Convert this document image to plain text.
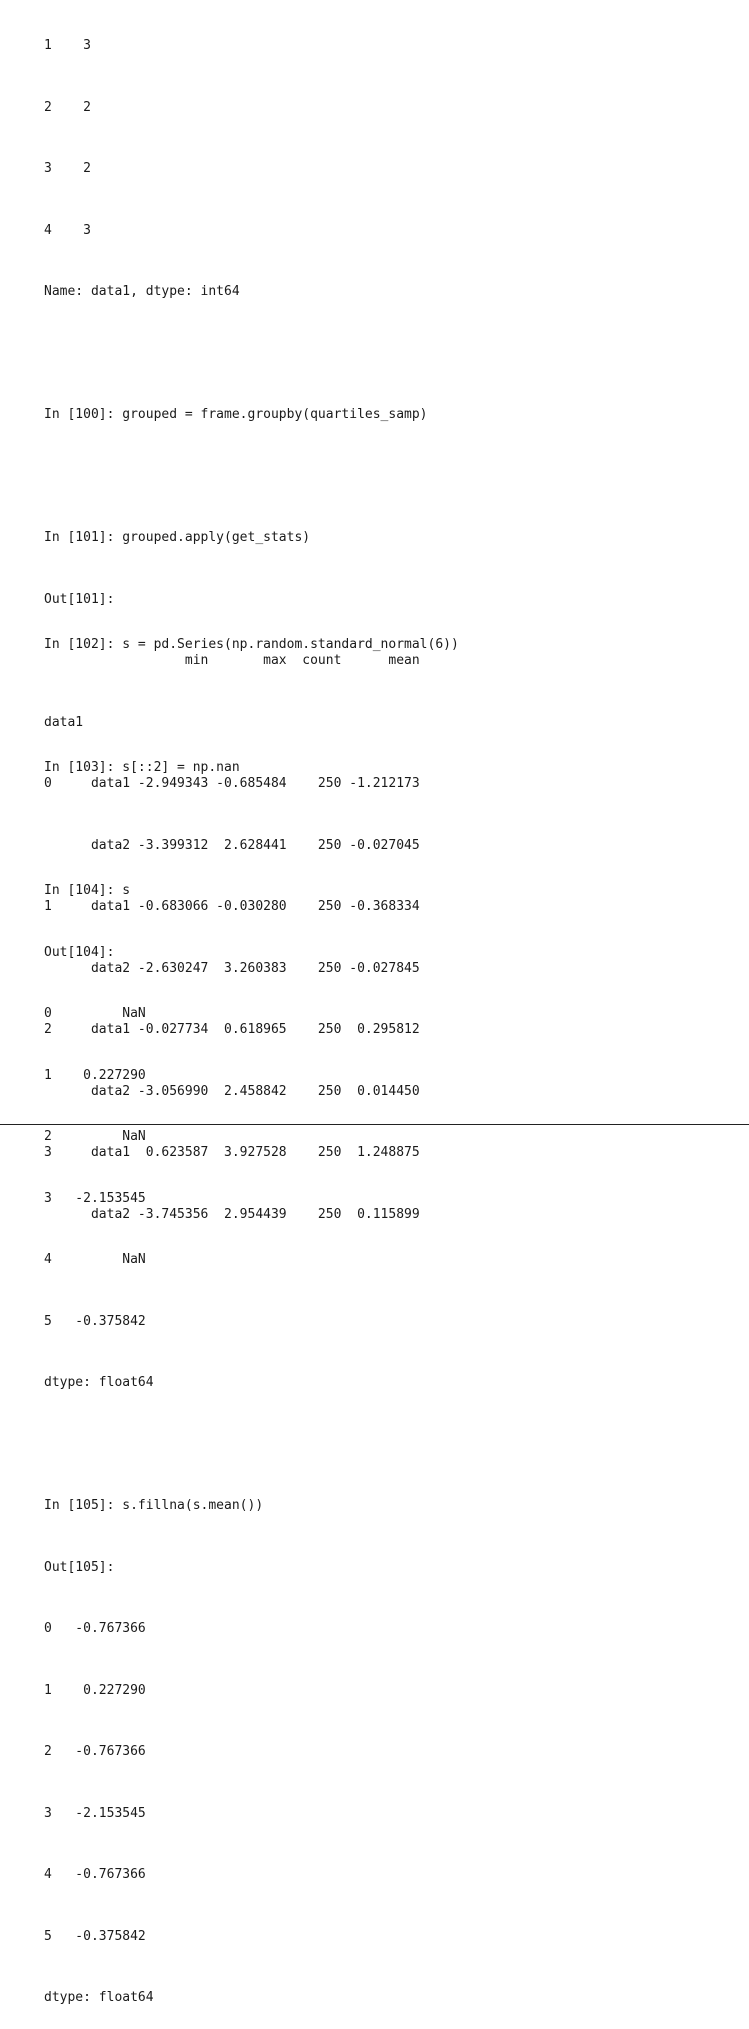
1    3

2    2

3    2

4    3

Name: data1, dtype: int64

In [100]: grouped = frame.groupby(quartiles_samp)

In [101]: grouped.apply(get_stats)

Out[101]:

min       max  count      mean

data1

0     data1 -2.949343 -0.685484    250 -1.212173

data2 -3.399312  2.628441    250 -0.027045

1     data1 -0.683066 -0.030280    250 -0.368334

data2 -2.630247  3.260383    250 -0.027845

2     data1 -0.027734  0.618965    250  0.295812

data2 -3.056990  2.458842    250  0.014450

3     data1  0.623587  3.927528    250  1.248875

data2 -3.745356  2.954439    250  0.115899

In [102]: s = pd.Series(np.random.standard_normal(6))

In [103]: s[::2] = np.nan

In [104]: s

Out[104]:

0         NaN

1    0.227290

2         NaN

3   -2.153545

4         NaN

5   -0.375842

dtype: float64

In [105]: s.fillna(s.mean())

Out[105]:

0   -0.767366

1    0.227290

2   -0.767366

3   -2.153545

4   -0.767366

5   -0.375842

dtype: float64
